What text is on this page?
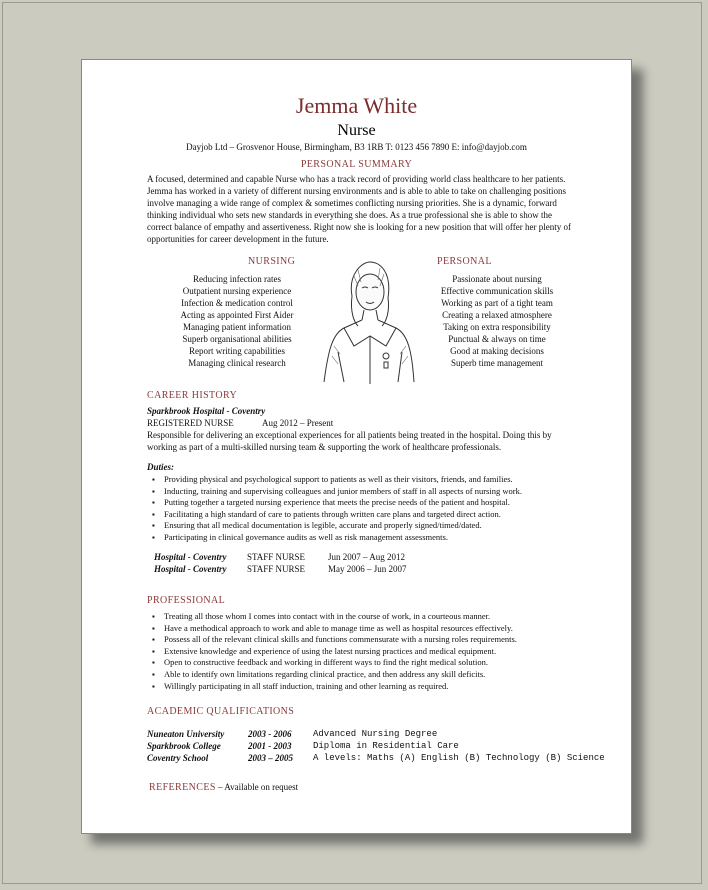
Jemma White
Nurse
Dayjob Ltd – Grosvenor House, Birmingham, B3 1RB T: 0123 456 7890 E: info@dayjob.com
PERSONAL SUMMARY
A focused, determined and capable Nurse who has a track record of providing world class healthcare to her patients. Jemma has worked in a variety of different nursing environments and is able to able to take on challenging positions involve managing a wide range of complex & sometimes conflicting nursing priorities. She is a dynamic, forward thinking individual who sets new standards in everything she does. As a true professional she is able to show the correct balance of empathy and assertiveness. Right now she is looking for a new position that will offer her plenty of opportunities for career development in the future.
NURSING	PERSONAL
Reducing infection rates
Outpatient nursing experience
Infection & medication control
Acting as appointed First Aider
Managing patient information
Superb organisational abilities
Report writing capabilities
Managing clinical research
Passionate about nursing
Effective communication skills
Working as part of a tight team
Creating a relaxed atmosphere
Taking on extra responsibility
Punctual & always on time
Good at making decisions
Superb time management
CAREER HISTORY
Sparkbrook Hospital - Coventry
REGISTERED NURSE	Aug 2012 – Present
Responsible for delivering an exceptional experiences for all patients being treated in the hospital. Doing this by working as part of a multi-skilled nursing team & supporting the work of healthcare professionals.
Duties:
▪ Providing physical and psychological support to patients as well as their visitors, friends, and families.
▪ Inducting, training and supervising colleagues and junior members of staff in all aspects of nursing work.
▪ Putting together a targeted nursing experience that meets the precise needs of the patient and hospital.
▪ Facilitating a high standard of care to patients through written care plans and targeted direct action.
▪ Ensuring that all medical documentation is legible, accurate and properly signed/timed/dated.
▪ Participating in clinical governance audits as well as risk management assessments.
Hospital - Coventry STAFF NURSE	Jun 2007 – Aug 2012
Hospital - Coventry STAFF NURSE	May 2006 – Jun 2007
PROFESSIONAL
▪ Treating all those whom I comes into contact with in the course of work, in a courteous manner.
▪ Have a methodical approach to work and able to manage time as well as hospital resources effectively.
▪ Possess all of the relevant clinical skills and functions commensurate with a nursing roles requirements.
▪ Extensive knowledge and experience of using the latest nursing practices and medical equipment.
▪ Open to constructive feedback and working in different ways to find the right medical solution.
▪ Able to identify own limitations regarding clinical practice, and then address any skill deficits.
▪ Willingly participating in all staff induction, training and other learning as required.
ACADEMIC QUALIFICATIONS
Nuneaton University	2003 - 2006 Advanced Nursing Degree
Sparkbrook College	2001 - 2003 Diploma in Residential Care
Coventry School	2003 – 2005 A levels: Maths (A) English (B) Technology (B) Science
REFERENCES – Available on request
